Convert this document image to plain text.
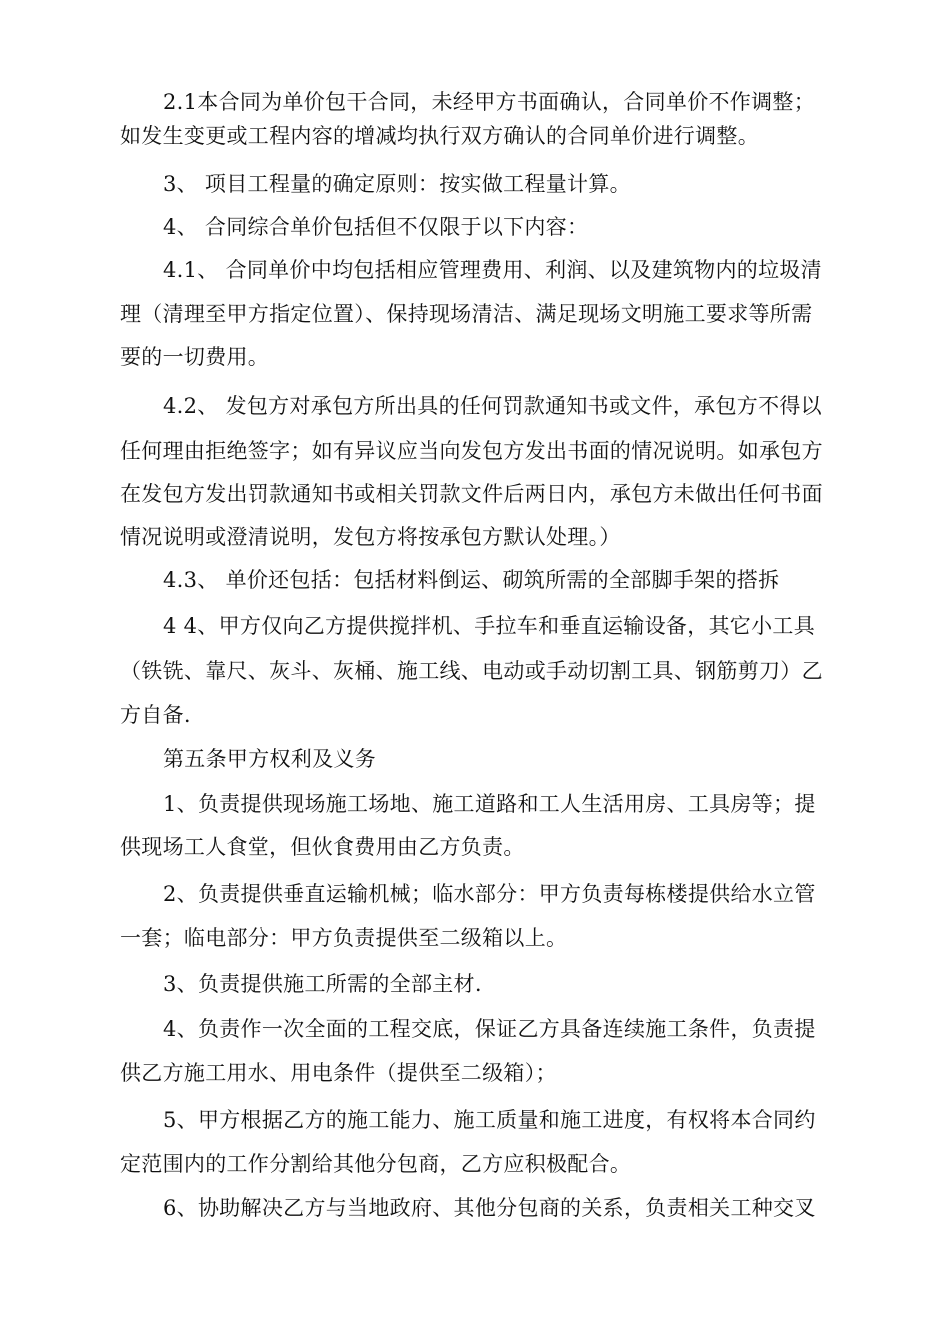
2.1本合同为单价包干合同，未经甲方书面确认，合同单价不作调整；
如发生变更或工程内容的增减均执行双方确认的合同单价进行调整。
3、 项目工程量的确定原则：按实做工程量计算。
4、 合同综合单价包括但不仅限于以下内容：
4.1、 合同单价中均包括相应管理费用、利润、以及建筑物内的垃圾清
理（清理至甲方指定位置）、保持现场清洁、满足现场文明施工要求等所需
要的一切费用。
4.2、 发包方对承包方所出具的任何罚款通知书或文件，承包方不得以
任何理由拒绝签字；如有异议应当向发包方发出书面的情况说明。如承包方
在发包方发出罚款通知书或相关罚款文件后两日内，承包方未做出任何书面
情况说明或澄清说明，发包方将按承包方默认处理。）
4.3、 单价还包括：包括材料倒运、砌筑所需的全部脚手架的搭拆
4 4、甲方仅向乙方提供搅拌机、手拉车和垂直运输设备，其它小工具
（铁铣、靠尺、灰斗、灰桶、施工线、电动或手动切割工具、钢筋剪刀）乙
方自备.
第五条甲方权利及义务
1、负责提供现场施工场地、施工道路和工人生活用房、工具房等；提
供现场工人食堂，但伙食费用由乙方负责。
2、负责提供垂直运输机械；临水部分：甲方负责每栋楼提供给水立管
一套；临电部分：甲方负责提供至二级箱以上。
3、负责提供施工所需的全部主材.
4、负责作一次全面的工程交底，保证乙方具备连续施工条件，负责提
供乙方施工用水、用电条件（提供至二级箱）；
5、甲方根据乙方的施工能力、施工质量和施工进度，有权将本合同约
定范围内的工作分割给其他分包商，乙方应积极配合。
6、协助解决乙方与当地政府、其他分包商的关系，负责相关工种交叉
